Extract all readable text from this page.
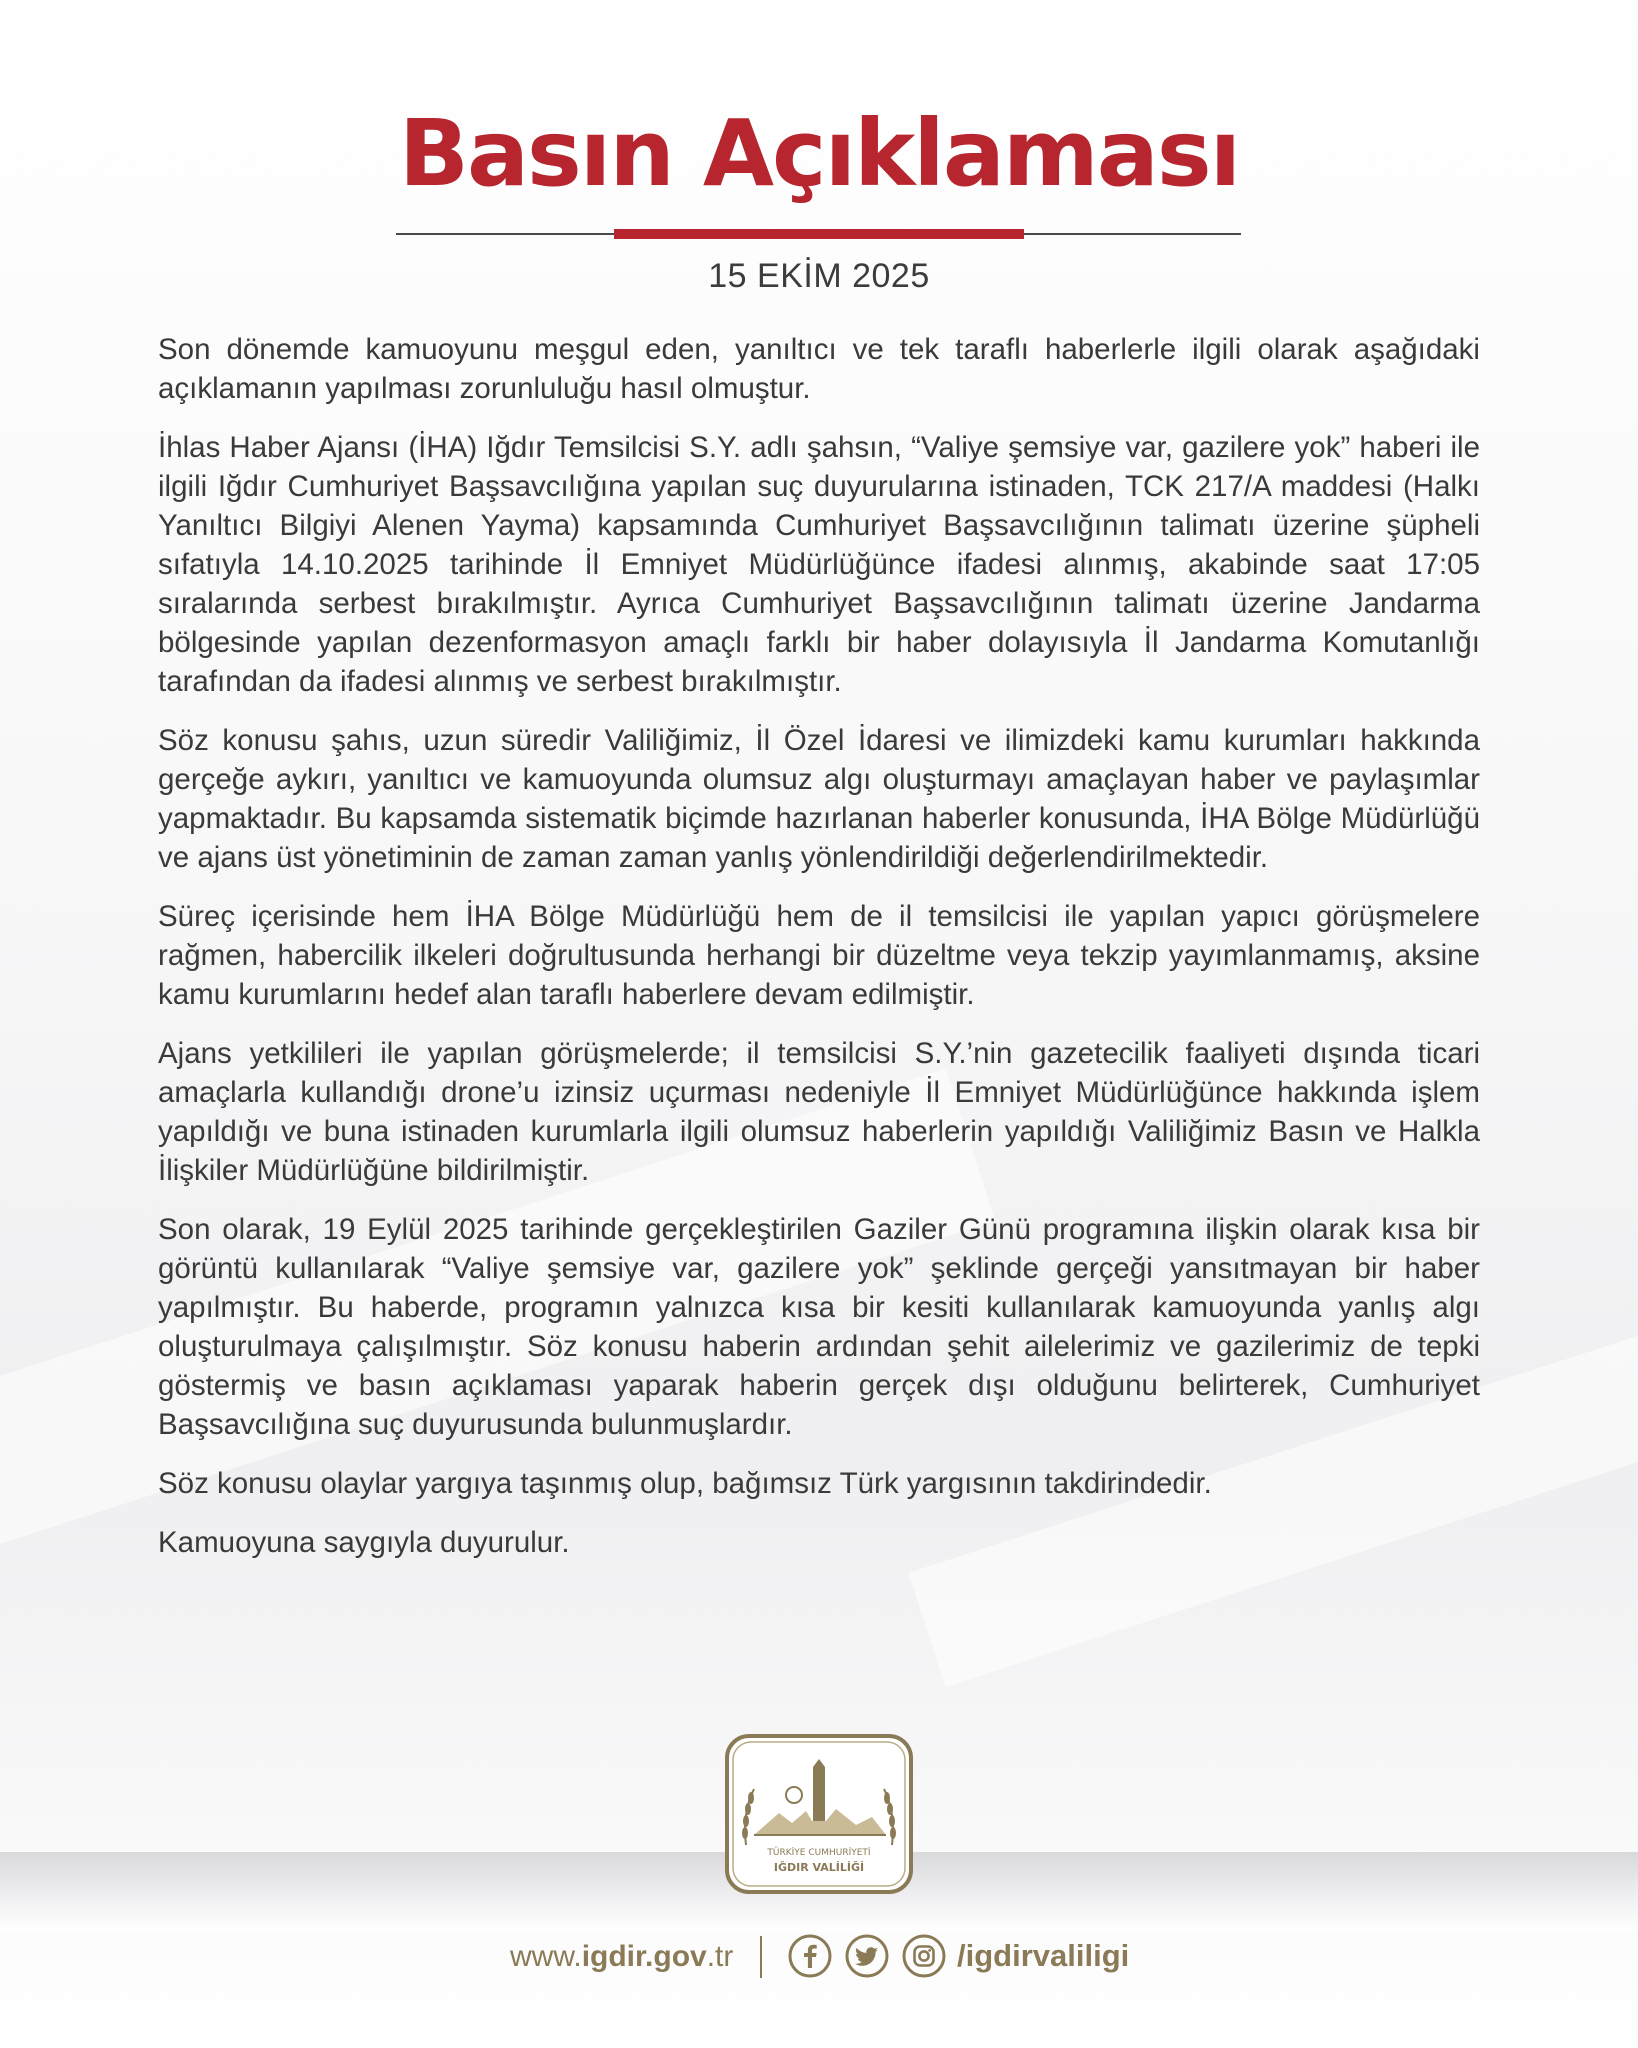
Basın Açıklaması
15 EKİM 2025

Son dönemde kamuoyunu meşgul eden, yanıltıcı ve tek taraflı haberlerle ilgili olarak aşağıdaki açıklamanın yapılması zorunluluğu hasıl olmuştur.

İhlas Haber Ajansı (İHA) Iğdır Temsilcisi S.Y. adlı şahsın, “Valiye şemsiye var, gazilere yok” haberi ile ilgili Iğdır Cumhuriyet Başsavcılığına yapılan suç duyurularına istinaden, TCK 217/A maddesi (Halkı Yanıltıcı Bilgiyi Alenen Yayma) kapsamında Cumhuriyet Başsavcılığının talimatı üzerine şüpheli sıfatıyla 14.10.2025 tarihinde İl Emniyet Müdürlüğünce ifadesi alınmış, akabinde saat 17:05 sıralarında serbest bırakılmıştır. Ayrıca Cumhuriyet Başsavcılığının talimatı üzerine Jandarma bölgesinde yapılan dezenformasyon amaçlı farklı bir haber dolayısıyla İl Jandarma Komutanlığı tarafından da ifadesi alınmış ve serbest bırakılmıştır.

Söz konusu şahıs, uzun süredir Valiliğimiz, İl Özel İdaresi ve ilimizdeki kamu kurumları hakkında gerçeğe aykırı, yanıltıcı ve kamuoyunda olumsuz algı oluşturmayı amaçlayan haber ve paylaşımlar yapmaktadır. Bu kapsamda sistematik biçimde hazırlanan haberler konusunda, İHA Bölge Müdürlüğü ve ajans üst yönetiminin de zaman zaman yanlış yönlendirildiği değerlendirilmektedir.

Süreç içerisinde hem İHA Bölge Müdürlüğü hem de il temsilcisi ile yapılan yapıcı görüşmelere rağmen, habercilik ilkeleri doğrultusunda herhangi bir düzeltme veya tekzip yayımlanmamış, aksine kamu kurumlarını hedef alan taraflı haberlere devam edilmiştir.

Ajans yetkilileri ile yapılan görüşmelerde; il temsilcisi S.Y.’nin gazetecilik faaliyeti dışında ticari amaçlarla kullandığı drone’u izinsiz uçurması nedeniyle İl Emniyet Müdürlüğünce hakkında işlem yapıldığı ve buna istinaden kurumlarla ilgili olumsuz haberlerin yapıldığı Valiliğimiz Basın ve Halkla İlişkiler Müdürlüğüne bildirilmiştir.

Son olarak, 19 Eylül 2025 tarihinde gerçekleştirilen Gaziler Günü programına ilişkin olarak kısa bir görüntü kullanılarak “Valiye şemsiye var, gazilere yok” şeklinde gerçeği yansıtmayan bir haber yapılmıştır. Bu haberde, programın yalnızca kısa bir kesiti kullanılarak kamuoyunda yanlış algı oluşturulmaya çalışılmıştır. Söz konusu haberin ardından şehit ailelerimiz ve gazilerimiz de tepki göstermiş ve basın açıklaması yaparak haberin gerçek dışı olduğunu belirterek, Cumhuriyet Başsavcılığına suç duyurusunda bulunmuşlardır.

Söz konusu olaylar yargıya taşınmış olup, bağımsız Türk yargısının takdirindedir.

Kamuoyuna saygıyla duyurulur.

TÜRKİYE CUMHURİYETİ
IĞDIR VALİLİĞİ
www.igdir.gov.tr	/igdirvaliligi
